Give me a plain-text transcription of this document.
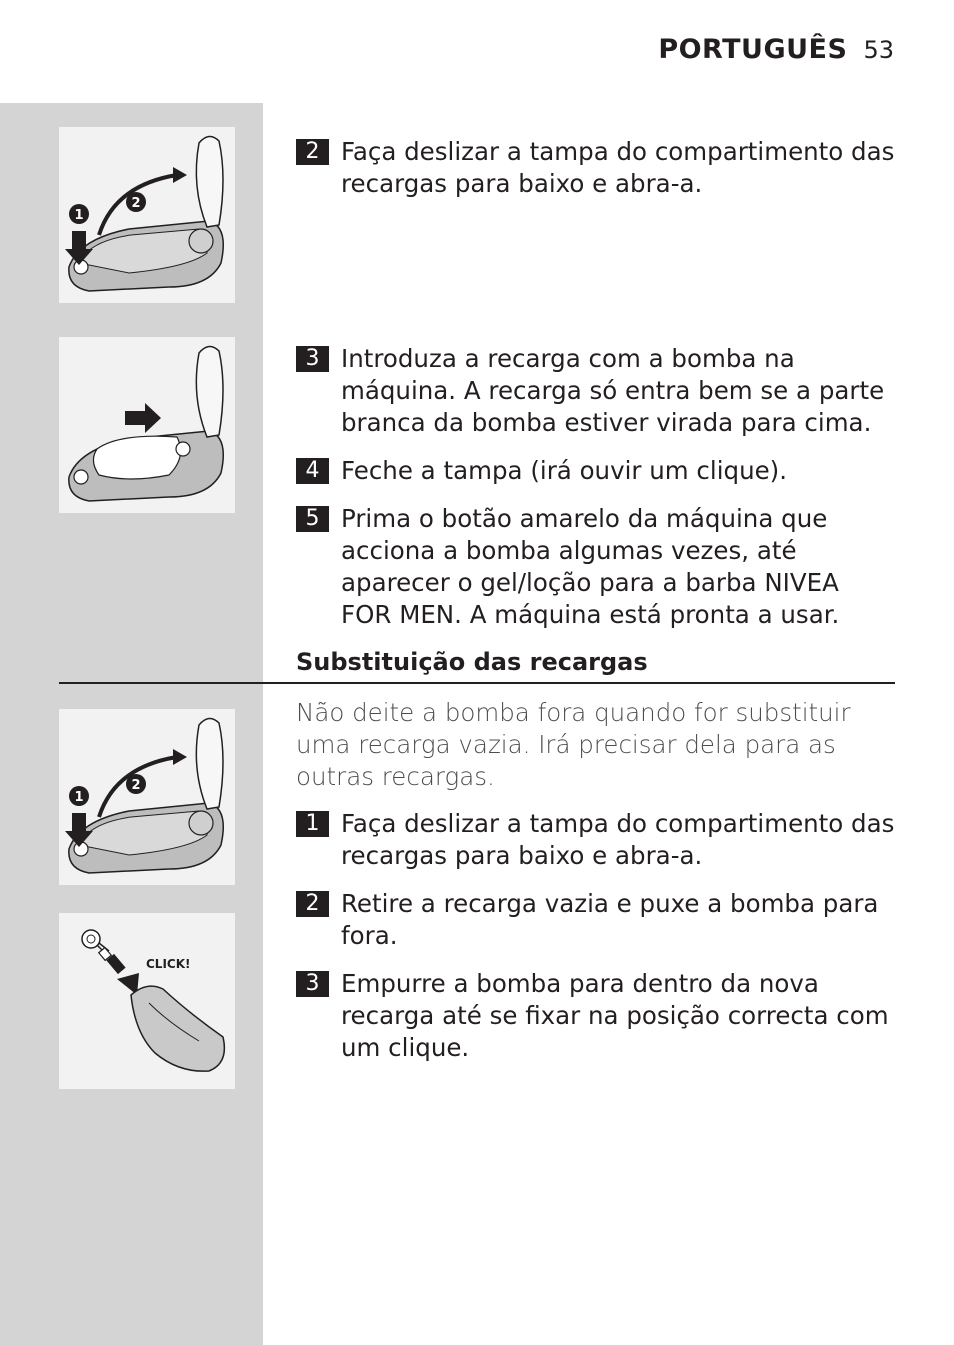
PORTUGUÊS 53
1
2
1
2
CLICK!
2 Faça deslizar a tampa do compartimento das recargas para baixo e abra-a.
3 Introduza a recarga com a bomba na máquina. A recarga só entra bem se a parte branca da bomba estiver virada para cima.
4 Feche a tampa (irá ouvir um clique).
5 Prima o botão amarelo da máquina que acciona a bomba algumas vezes, até aparecer o gel/loção para a barba NIVEA FOR MEN. A máquina está pronta a usar.
Substituição das recargas
Não deite a bomba fora quando for substituir uma recarga vazia. Irá precisar dela para as outras recargas.
1 Faça deslizar a tampa do compartimento das recargas para baixo e abra-a.
2 Retire a recarga vazia e puxe a bomba para fora.
3 Empurre a bomba para dentro da nova recarga até se fixar na posição correcta com um clique.
